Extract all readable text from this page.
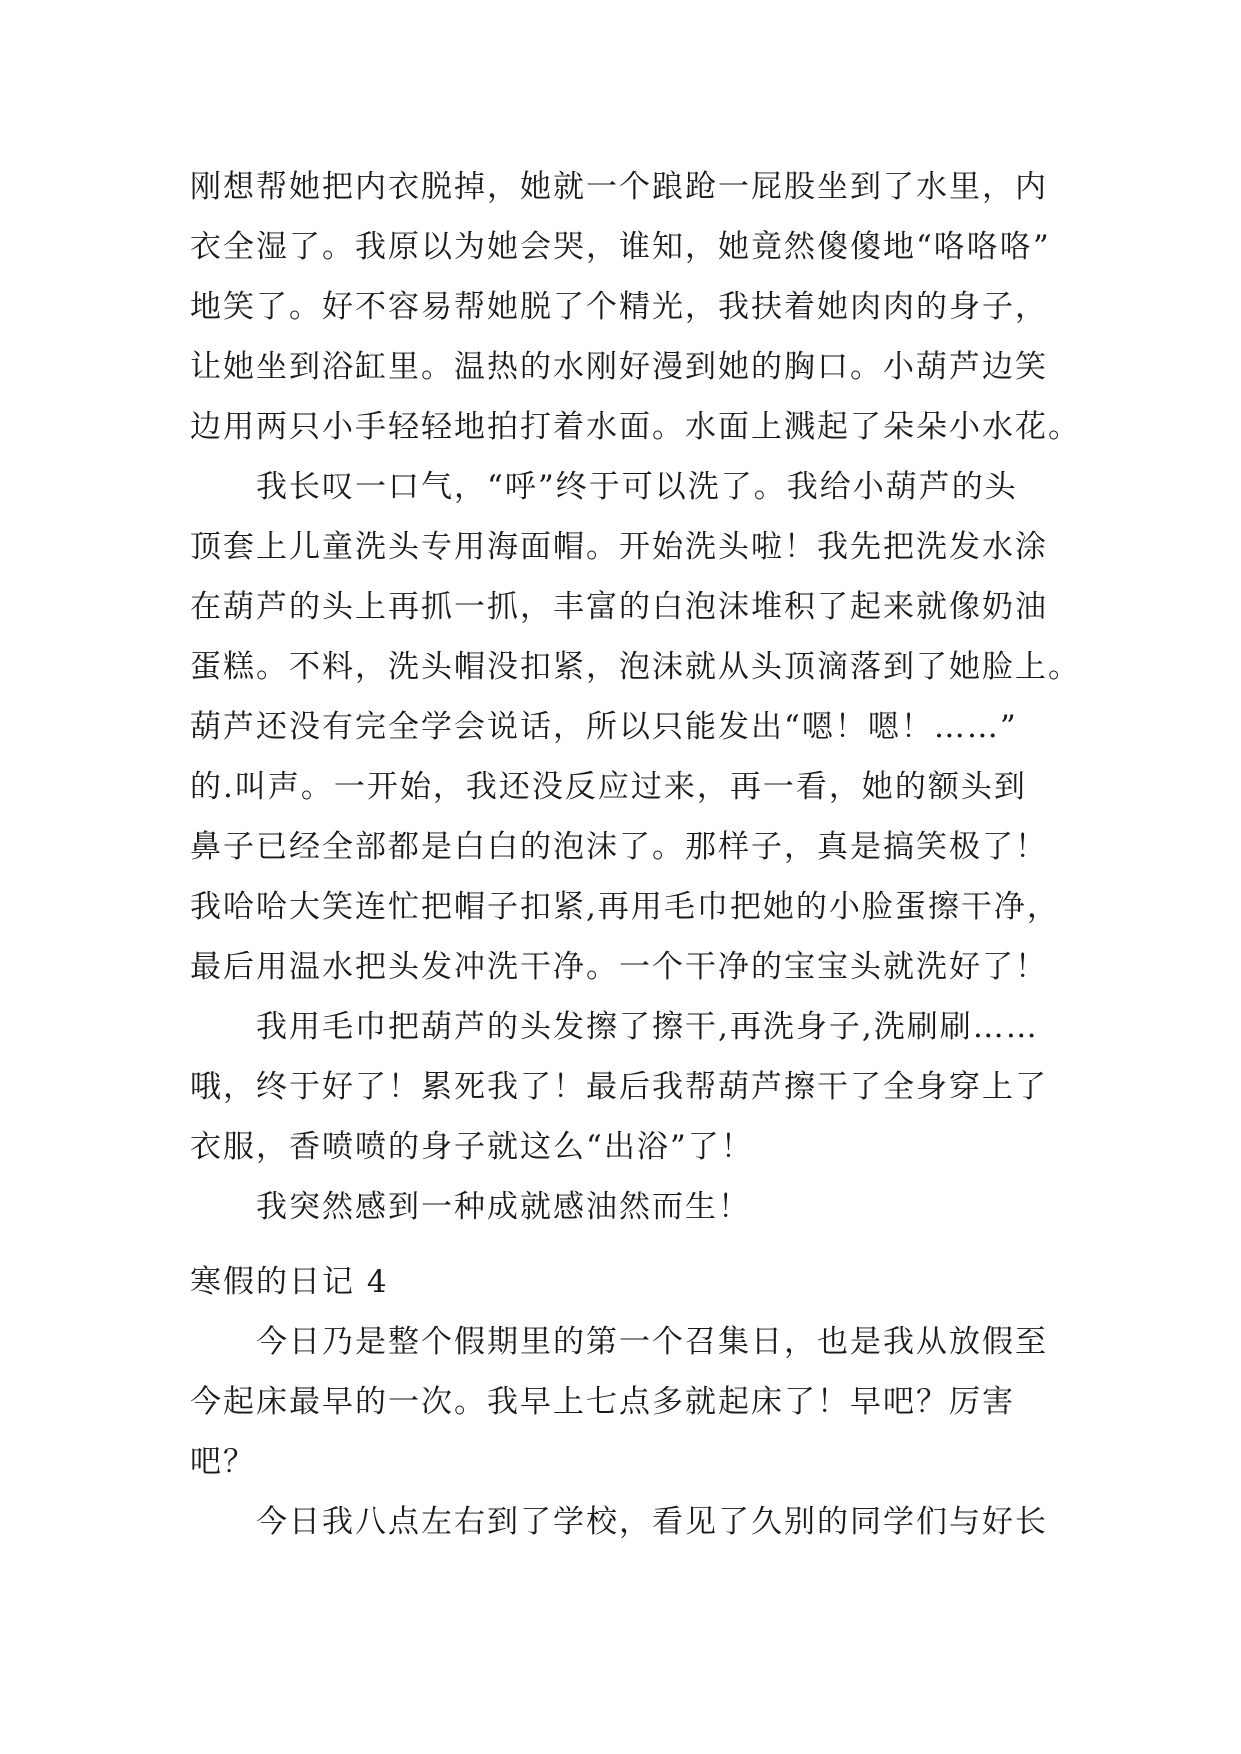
刚想帮她把内衣脱掉，她就一个踉跄一屁股坐到了水里，内
衣全湿了。我原以为她会哭，谁知，她竟然傻傻地“咯咯咯”
地笑了。好不容易帮她脱了个精光，我扶着她肉肉的身子，
让她坐到浴缸里。温热的水刚好漫到她的胸口。小葫芦边笑
边用两只小手轻轻地拍打着水面。水面上溅起了朵朵小水花。
我长叹一口气，“呼”终于可以洗了。我给小葫芦的头
顶套上儿童洗头专用海面帽。开始洗头啦！我先把洗发水涂
在葫芦的头上再抓一抓，丰富的白泡沫堆积了起来就像奶油
蛋糕。不料，洗头帽没扣紧，泡沫就从头顶滴落到了她脸上。
葫芦还没有完全学会说话，所以只能发出“嗯！嗯！……”
的.叫声。一开始，我还没反应过来，再一看，她的额头到
鼻子已经全部都是白白的泡沫了。那样子，真是搞笑极了！
我哈哈大笑连忙把帽子扣紧,再用毛巾把她的小脸蛋擦干净，
最后用温水把头发冲洗干净。一个干净的宝宝头就洗好了！
我用毛巾把葫芦的头发擦了擦干,再洗身子,洗刷刷……
哦，终于好了！累死我了！最后我帮葫芦擦干了全身穿上了
衣服，香喷喷的身子就这么“出浴”了！
我突然感到一种成就感油然而生！
寒假的日记 4
今日乃是整个假期里的第一个召集日，也是我从放假至
今起床最早的一次。我早上七点多就起床了！早吧？厉害
吧？
今日我八点左右到了学校，看见了久别的同学们与好长
